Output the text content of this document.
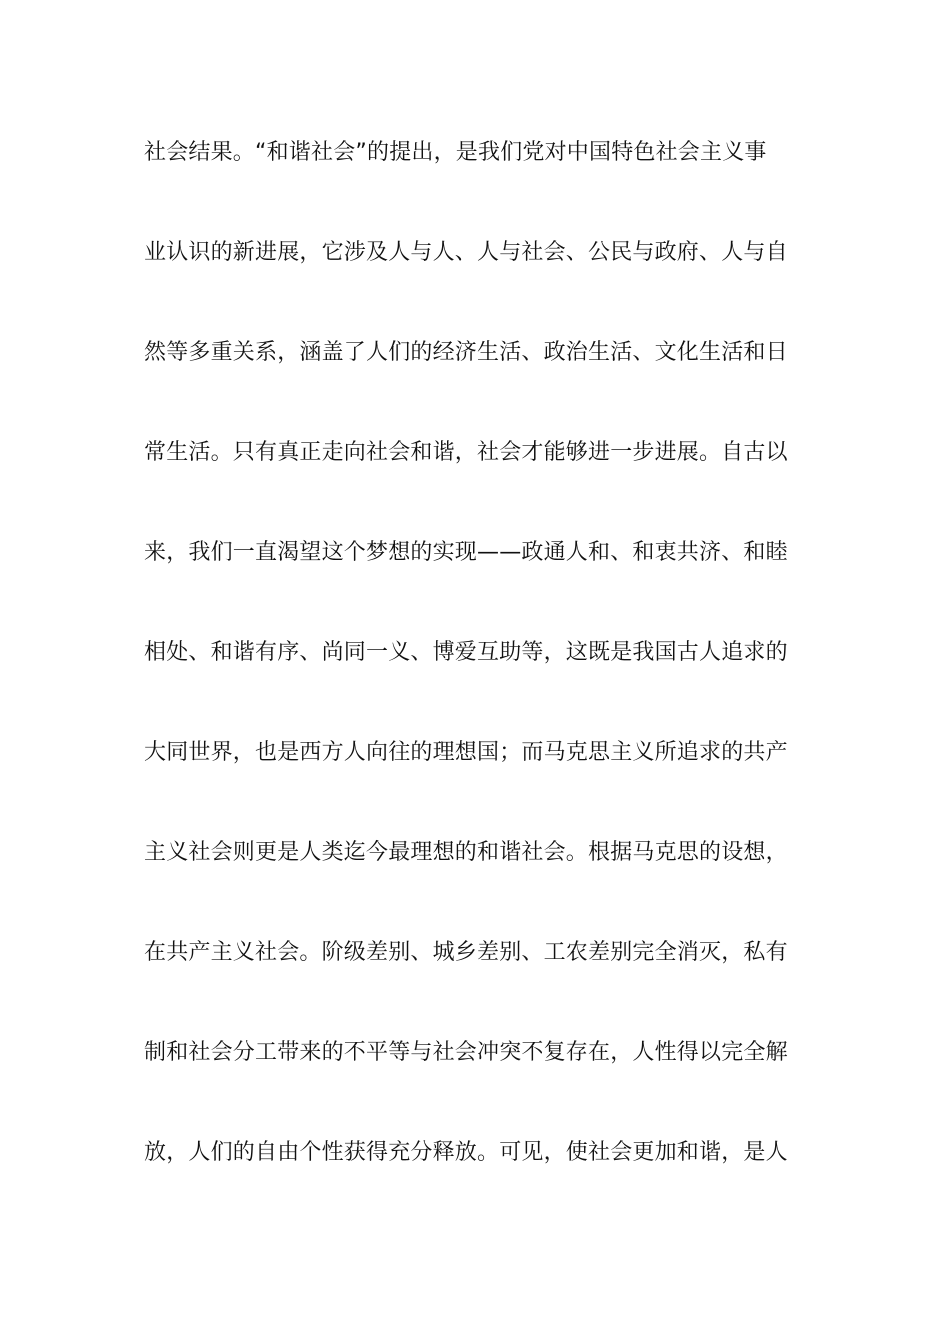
社会结果。“和谐社会”的提出，是我们党对中国特色社会主义事
业认识的新进展，它涉及人与人、人与社会、公民与政府、人与自
然等多重关系，涵盖了人们的经济生活、政治生活、文化生活和日
常生活。只有真正走向社会和谐，社会才能够进一步进展。自古以
来，我们一直渴望这个梦想的实现——政通人和、和衷共济、和睦
相处、和谐有序、尚同一义、博爱互助等，这既是我国古人追求的
大同世界，也是西方人向往的理想国；而马克思主义所追求的共产
主义社会则更是人类迄今最理想的和谐社会。根据马克思的设想，
在共产主义社会。阶级差别、城乡差别、工农差别完全消灭，私有
制和社会分工带来的不平等与社会冲突不复存在，人性得以完全解
放，人们的自由个性获得充分释放。可见，使社会更加和谐，是人
